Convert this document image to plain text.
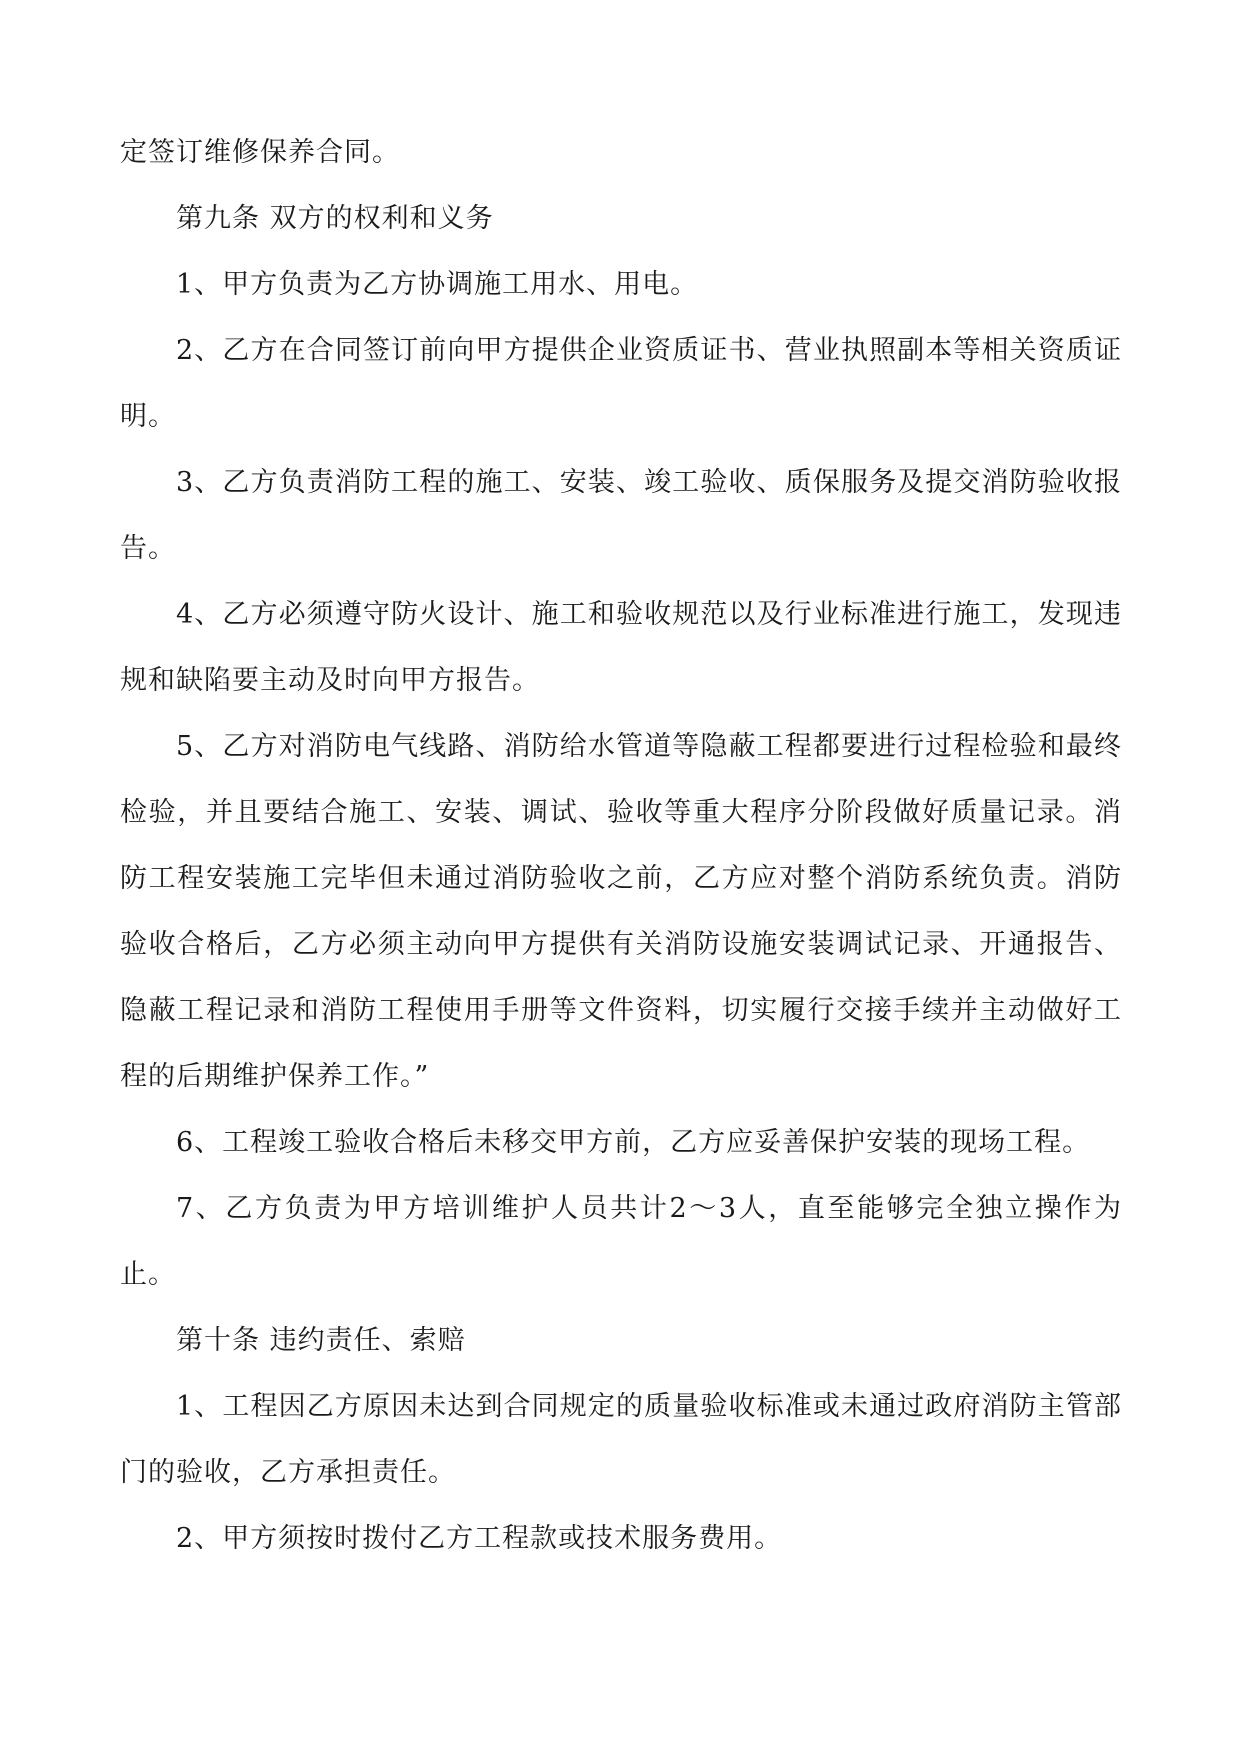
定签订维修保养合同。

第九条 双方的权利和义务

1、甲方负责为乙方协调施工用水、用电。

2、乙方在合同签订前向甲方提供企业资质证书、营业执照副本等相关资质证明。

3、乙方负责消防工程的施工、安装、竣工验收、质保服务及提交消防验收报告。

4、乙方必须遵守防火设计、施工和验收规范以及行业标准进行施工，发现违规和缺陷要主动及时向甲方报告。

5、乙方对消防电气线路、消防给水管道等隐蔽工程都要进行过程检验和最终检验，并且要结合施工、安装、调试、验收等重大程序分阶段做好质量记录。消防工程安装施工完毕但未通过消防验收之前，乙方应对整个消防系统负责。消防验收合格后，乙方必须主动向甲方提供有关消防设施安装调试记录、开通报告、隐蔽工程记录和消防工程使用手册等文件资料，切实履行交接手续并主动做好工程的后期维护保养工作。”

6、工程竣工验收合格后未移交甲方前，乙方应妥善保护安装的现场工程。

7、乙方负责为甲方培训维护人员共计2～3人，直至能够完全独立操作为止。

第十条 违约责任、索赔

1、工程因乙方原因未达到合同规定的质量验收标准或未通过政府消防主管部门的验收，乙方承担责任。

2、甲方须按时拨付乙方工程款或技术服务费用。
